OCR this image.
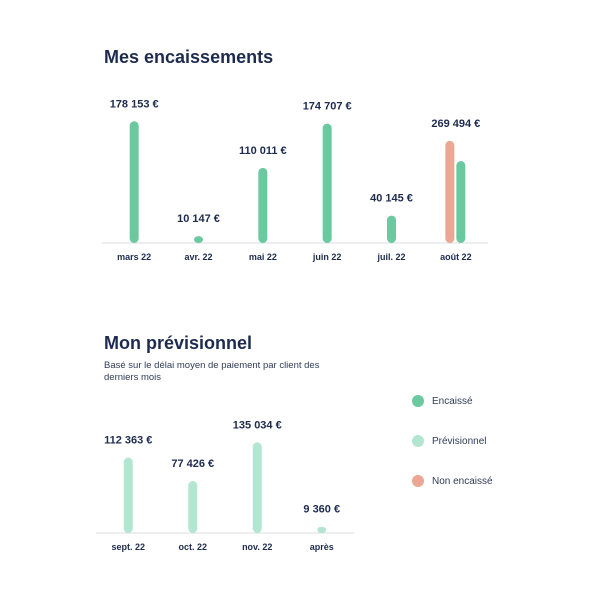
Mes encaissements
178 153 €
mars 22
10 147 €
avr. 22
110 011 €
mai 22
174 707 €
juin 22
40 145 €
juil. 22
269 494 €
août 22
Mon prévisionnel

Basé sur le délai moyen de paiement par client des derniers mois

112 363 €
sept. 22
77 426 €
oct. 22
135 034 €
nov. 22
9 360 €
après
Encaissé
Prévisionnel
Non encaissé
